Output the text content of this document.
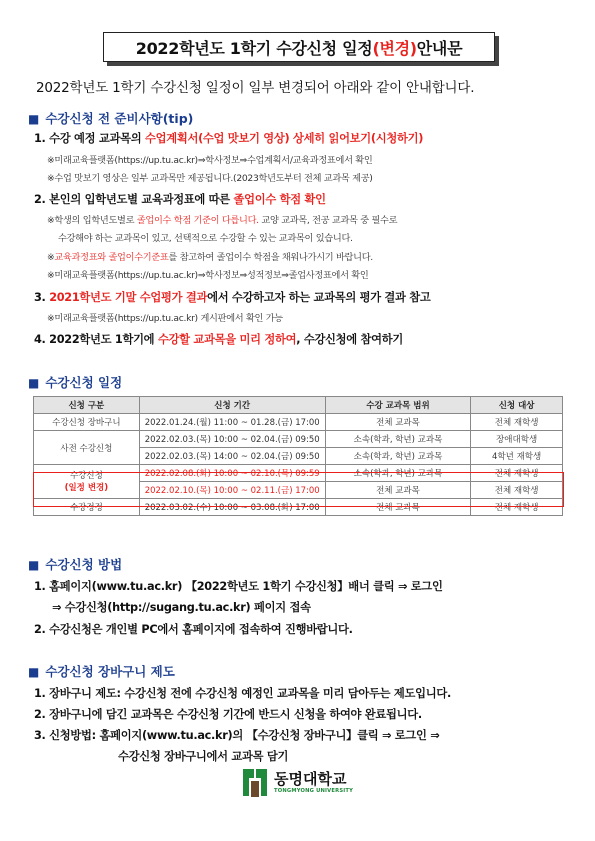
2022학년도 1학기 수강신청 일정 (변경) 안내문
2022학년도 1학기 수강신청 일정이 일부 변경되어 아래와 같이 안내합니다.
■ 수강신청 전 준비사항(tip)
1. 수강 예정 교과목의 수업계획서(수업 맛보기 영상) 상세히 읽어보기(시청하기)
※미래교육플랫폼(https://up.tu.ac.kr)⇒학사정보⇒수업계획서/교육과정표에서 확인
※수업 맛보기 영상은 일부 교과목만 제공됩니다.(2023학년도부터 전체 교과목 제공)
2. 본인의 입학년도별 교육과정표에 따른 졸업이수 학점 확인
※학생의 입학년도별로 졸업이수 학점 기준이 다릅니다. 교양 교과목, 전공 교과목 중 필수로
수강해야 하는 교과목이 있고, 선택적으로 수강할 수 있는 교과목이 있습니다.
※교육과정표와 졸업이수기준표를 참고하여 졸업이수 학점을 채워나가시기 바랍니다.
※미래교육플랫폼(https://up.tu.ac.kr)⇒학사정보⇒성적정보⇒졸업사정표에서 확인
3. 2021학년도 기말 수업평가 결과에서 수강하고자 하는 교과목의 평가 결과 참고
※미래교육플랫폼(https://up.tu.ac.kr) 게시판에서 확인 가능
4. 2022학년도 1학기에 수강할 교과목을 미리 정하여, 수강신청에 참여하기
■ 수강신청 일정
신청 구분	신청 기간	수강 교과목 범위	신청 대상
수강신청 장바구니	2022.01.24.(월) 11:00 ~ 01.28.(금) 17:00	전체 교과목	전체 재학생
사전 수강신청	2022.02.03.(목) 10:00 ~ 02.04.(금) 09:50	소속(학과, 학년) 교과목	장애대학생
	2022.02.03.(목) 14:00 ~ 02.04.(금) 09:50	소속(학과, 학년) 교과목	4학년 재학생
수강신청
(일정 변경)	2022.02.08.(화) 10:00 ~ 02.10.(목) 09:59	소속(학과, 학년) 교과목	전체 재학생
	2022.02.10.(목) 10:00 ~ 02.11.(금) 17:00	전체 교과목	전체 재학생
수강정정	2022.03.02.(수) 10:00 ~ 03.08.(화) 17:00	전체 교과목	전체 재학생
■ 수강신청 방법
1. 홈페이지(www.tu.ac.kr) 【2022학년도 1학기 수강신청】배너 클릭 ⇒ 로그인
⇒ 수강신청(http://sugang.tu.ac.kr) 페이지 접속
2. 수강신청은 개인별 PC에서 홈페이지에 접속하여 진행바랍니다.
■ 수강신청 장바구니 제도
1. 장바구니 제도: 수강신청 전에 수강신청 예정인 교과목을 미리 담아두는 제도입니다.
2. 장바구니에 담긴 교과목은 수강신청 기간에 반드시 신청을 하여야 완료됩니다.
3. 신청방법: 홈페이지(www.tu.ac.kr)의 【수강신청 장바구니】클릭 ⇒ 로그인 ⇒
수강신청 장바구니에서 교과목 담기
동명대학교
TONGMYONG UNIVERSITY
